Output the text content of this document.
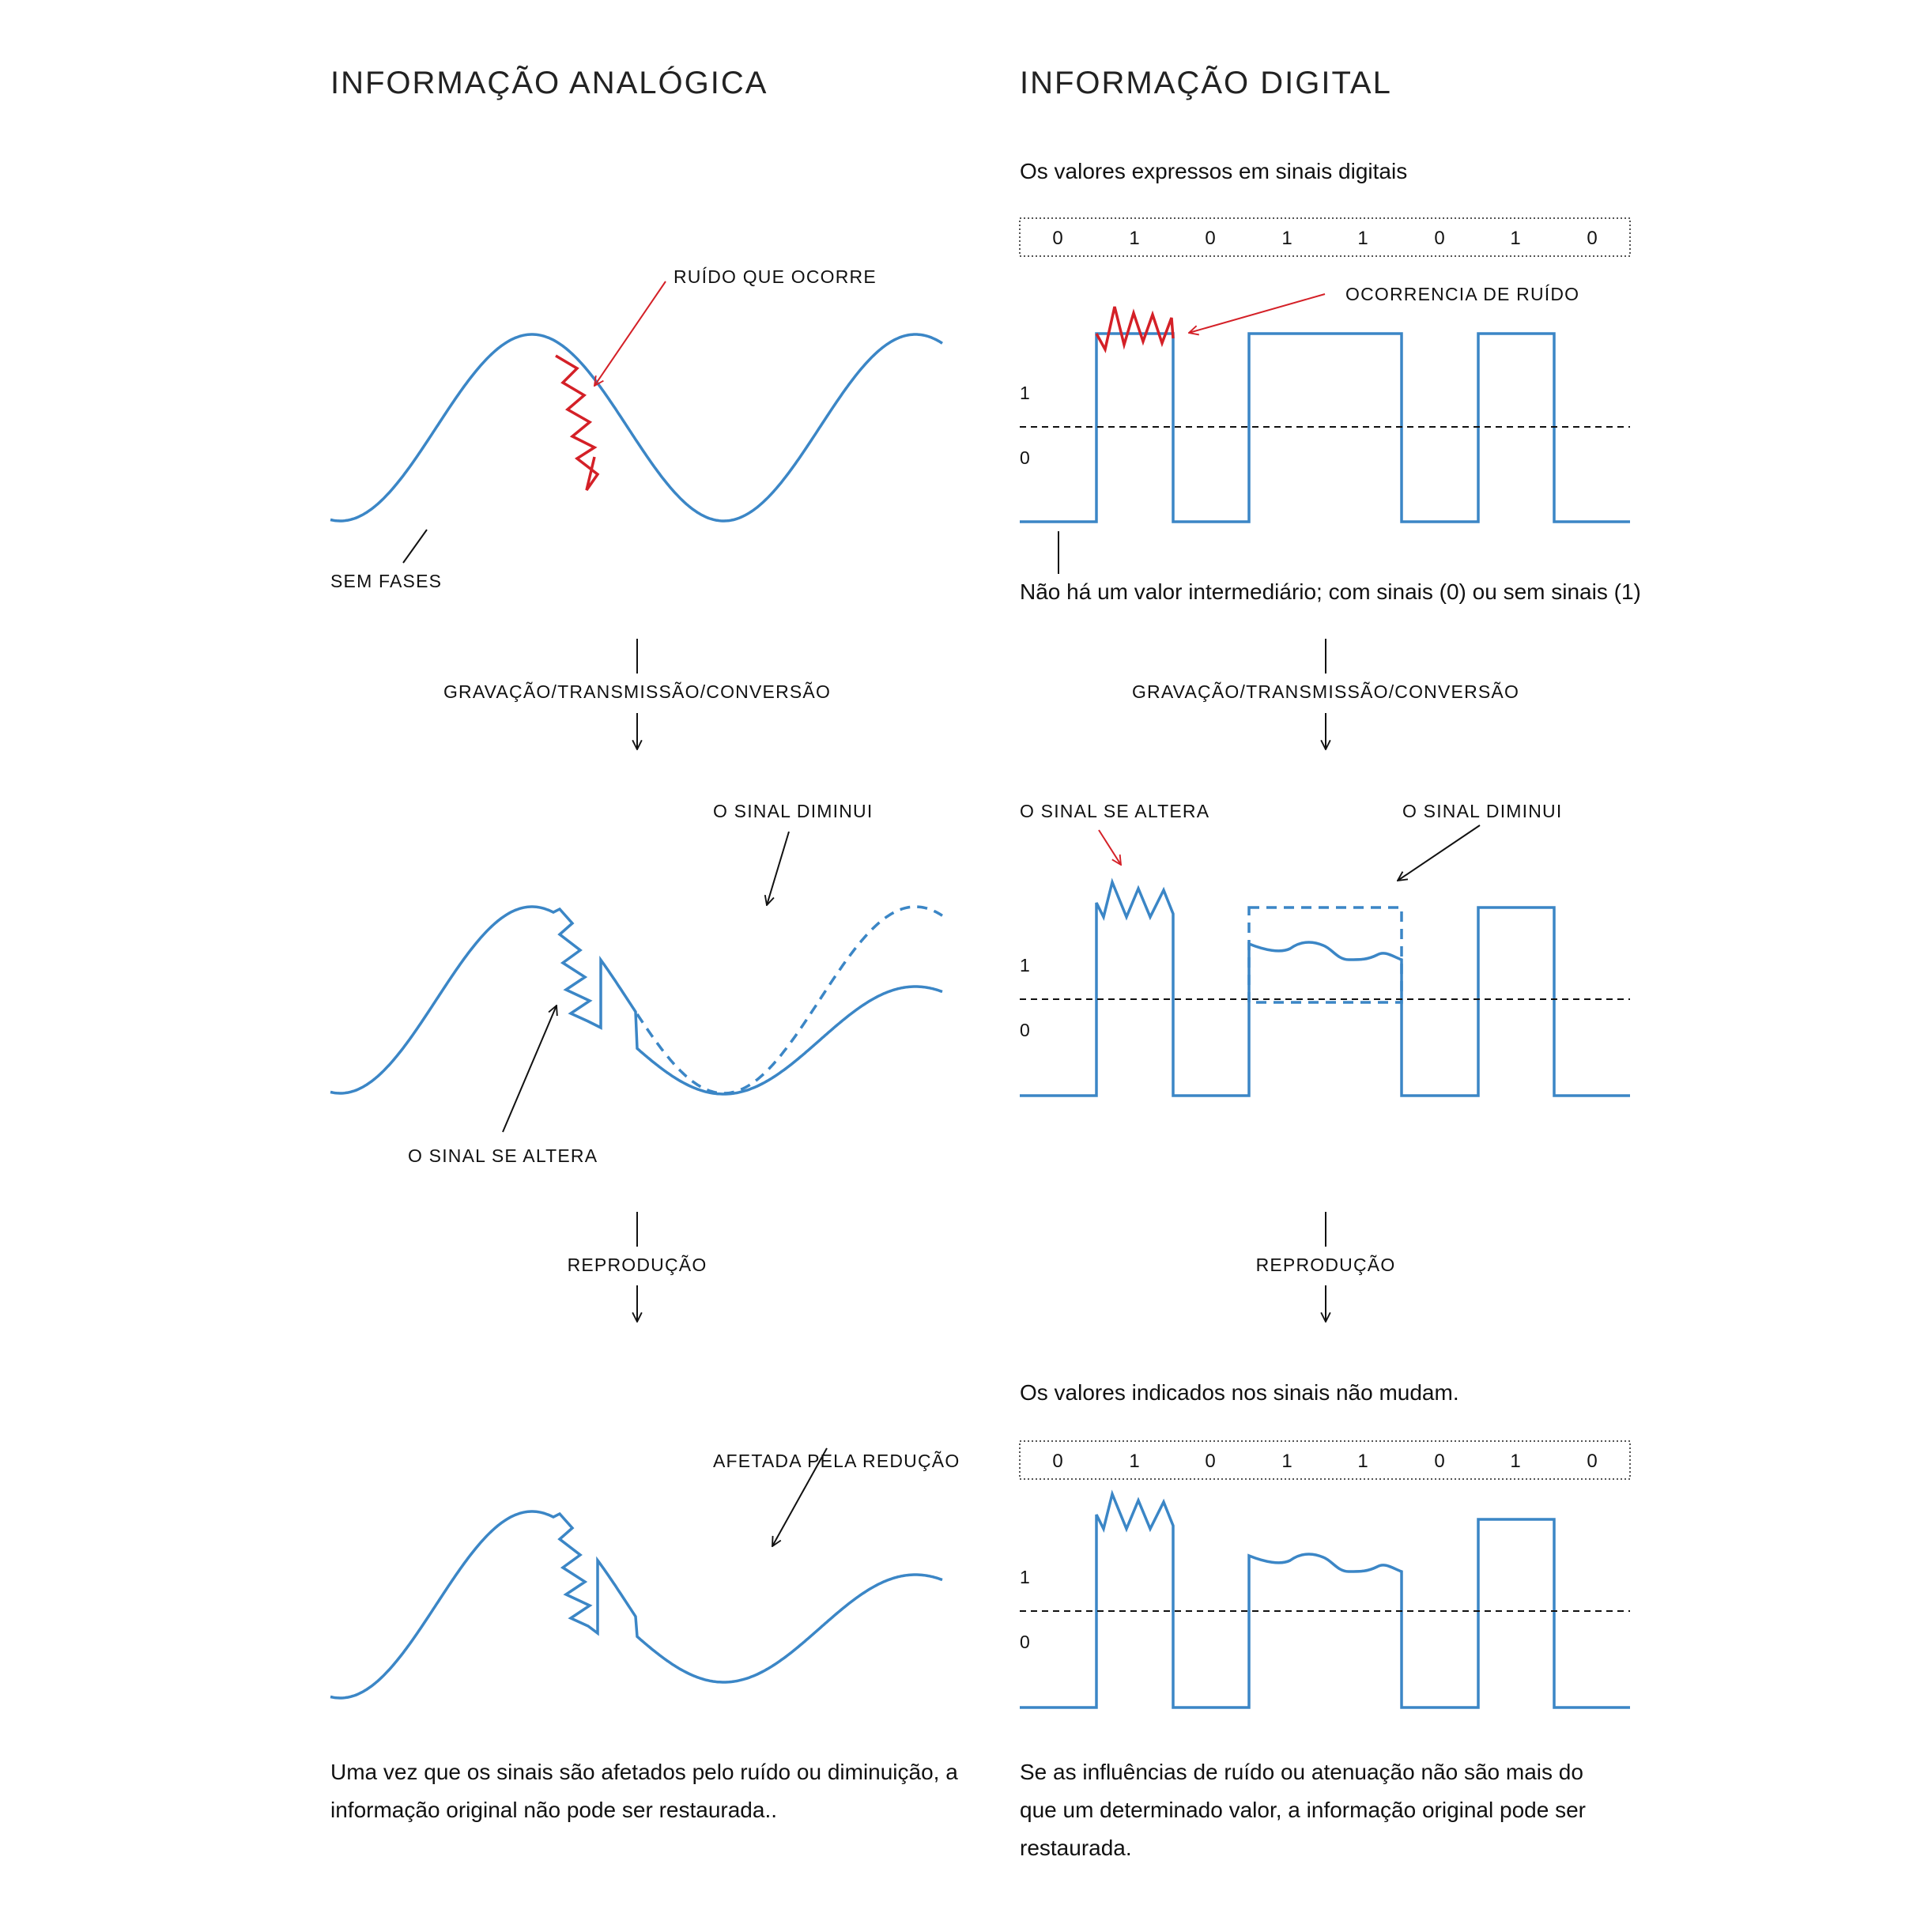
INFORMAÇÃO ANALÓGICA
RUÍDO QUE OCORRE
SEM FASES
GRAVAÇÃO/TRANSMISSÃO/CONVERSÃO
O SINAL DIMINUI
O SINAL SE ALTERA
REPRODUÇÃO
AFETADA PELA REDUÇÃO
Uma vez que os sinais são afetados pelo ruído ou diminuição, a
informação original não pode ser restaurada..
INFORMAÇÃO DIGITAL
Os valores expressos em sinais digitais
0	1	0	1	1	0	1	0
OCORRENCIA DE RUÍDO
1
0
Não há um valor intermediário; com sinais (0) ou sem sinais (1)
GRAVAÇÃO/TRANSMISSÃO/CONVERSÃO
O SINAL SE ALTERA	O SINAL DIMINUI
1
0
REPRODUÇÃO
Os valores indicados nos sinais não mudam.
0	1	0	1	1	0	1	0
1
0
Se as influências de ruído ou atenuação não são mais do
que um determinado valor, a informação original pode ser
restaurada.
